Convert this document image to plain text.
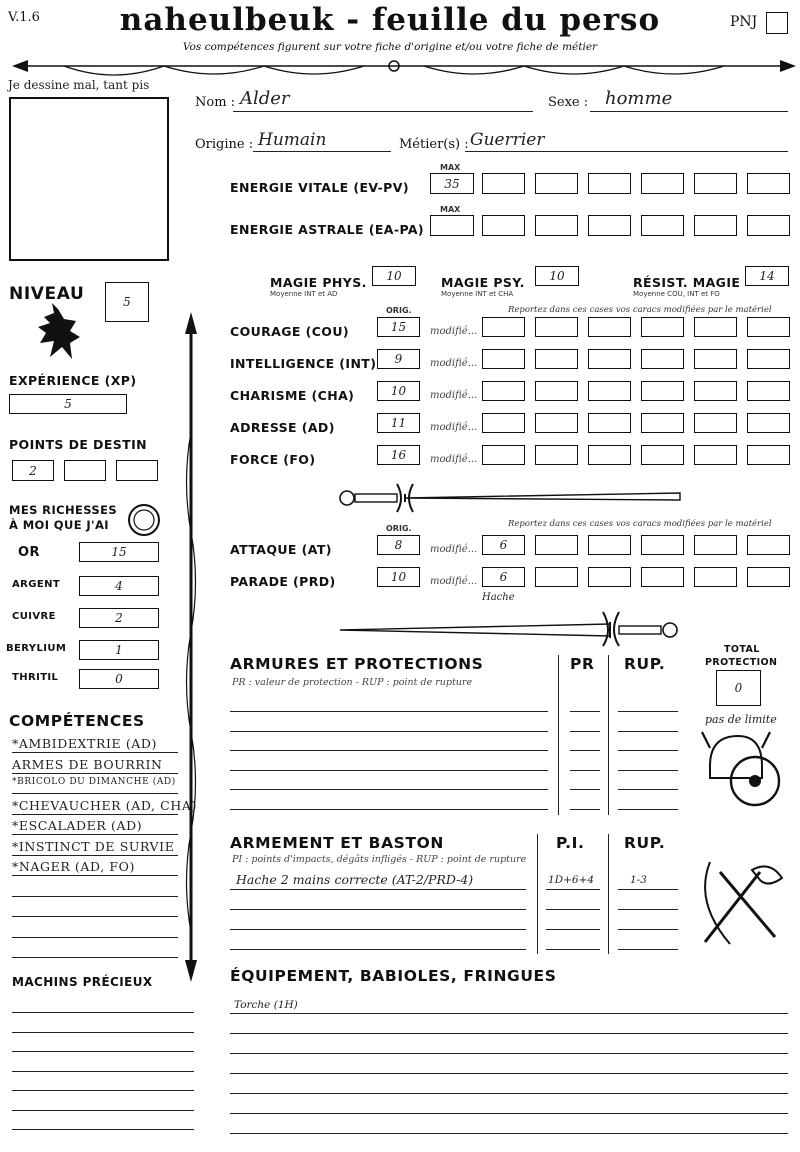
V.1.6	naheulbeuk - feuille du perso
Vos compétences figurent sur votre fiche d'origine et/ou votre fiche de métier
PNJ
Je dessine mal, tant pis
Nom : Alder	Sexe : homme
Origine : Humain	Métier(s) : Guerrier
MAX
ENERGIE VITALE (EV-PV)	35
MAX
ENERGIE ASTRALE (EA-PA)
MAGIE PHYS.	10
Moyenne INT et AD
MAGIE PSY.	10
Moyenne INT et CHA
RÉSIST. MAGIE	14
Moyenne COU, INT et FO
ORIG.	Reportez dans ces cases vos caracs modifiées par le matériel
COURAGE (COU)	15	modifié...
INTELLIGENCE (INT)	9	modifié...
CHARISME (CHA)	10	modifié...
ADRESSE (AD)	11	modifié...
FORCE (FO)	16	modifié...
ORIG.	Reportez dans ces cases vos caracs modifiées par le matériel
ATTAQUE (AT)	8	modifié...	6
PARADE (PRD)	10	modifié...	6
Hache
NIVEAU	5
EXPÉRIENCE (XP)
5
POINTS DE DESTIN
2
MES RICHESSES
À MOI QUE J'AI
OR	15
ARGENT	4
CUIVRE	2
BERYLIUM	1
THRITIL	0
COMPÉTENCES
*AMBIDEXTRIE (AD)
ARMES DE BOURRIN
*BRICOLO DU DIMANCHE (AD)
*CHEVAUCHER (AD, CHA)
*ESCALADER (AD)
*INSTINCT DE SURVIE
*NAGER (AD, FO)
MACHINS PRÉCIEUX
ARMURES ET PROTECTIONS
PR : valeur de protection - RUP : point de rupture
PR RUP.
TOTAL
PROTECTION
0
pas de limite
ARMEMENT ET BASTON
PI : points d'impacts, dégâts infligés - RUP : point de rupture
P.I.	RUP.
Hache 2 mains correcte (AT-2/PRD-4)	1D+6+4	1-3
ÉQUIPEMENT, BABIOLES, FRINGUES
Torche (1H)
